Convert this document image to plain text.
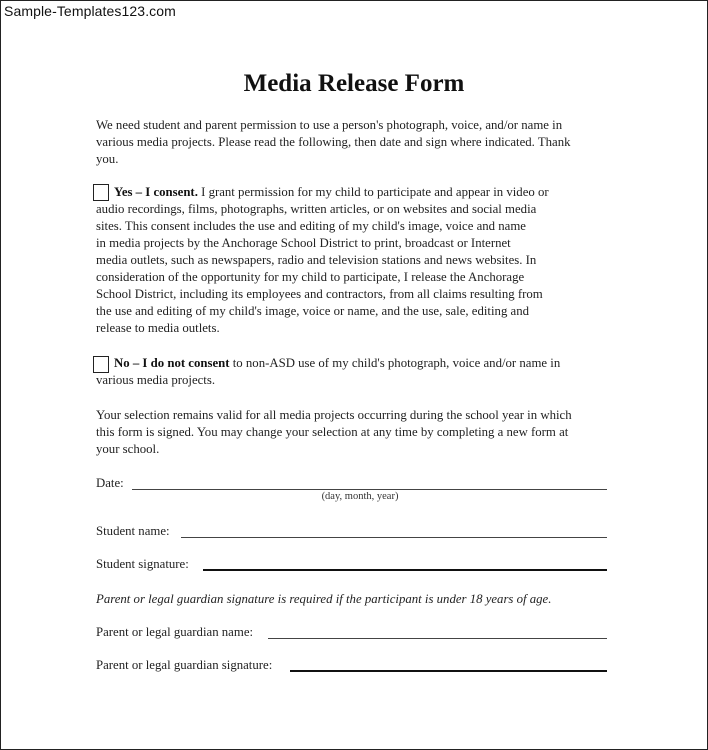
Sample-Templates123.com
Media Release Form
We need student and parent permission to use a person's photograph, voice, and/or name in
various media projects. Please read the following, then date and sign where indicated. Thank
you.
Yes – I consent. I grant permission for my child to participate and appear in video or
audio recordings, films, photographs, written articles, or on websites and social media
sites. This consent includes the use and editing of my child's image, voice and name
in media projects by the Anchorage School District to print, broadcast or Internet
media outlets, such as newspapers, radio and television stations and news websites. In
consideration of the opportunity for my child to participate, I release the Anchorage
School District, including its employees and contractors, from all claims resulting from
the use and editing of my child's image, voice or name, and the use, sale, editing and
release to media outlets.
No – I do not consent to non-ASD use of my child's photograph, voice and/or name in
various media projects.
Your selection remains valid for all media projects occurring during the school year in which
this form is signed. You may change your selection at any time by completing a new form at
your school.
Date:
(day, month, year)
Student name:
Student signature:
Parent or legal guardian signature is required if the participant is under 18 years of age.
Parent or legal guardian name:
Parent or legal guardian signature:
